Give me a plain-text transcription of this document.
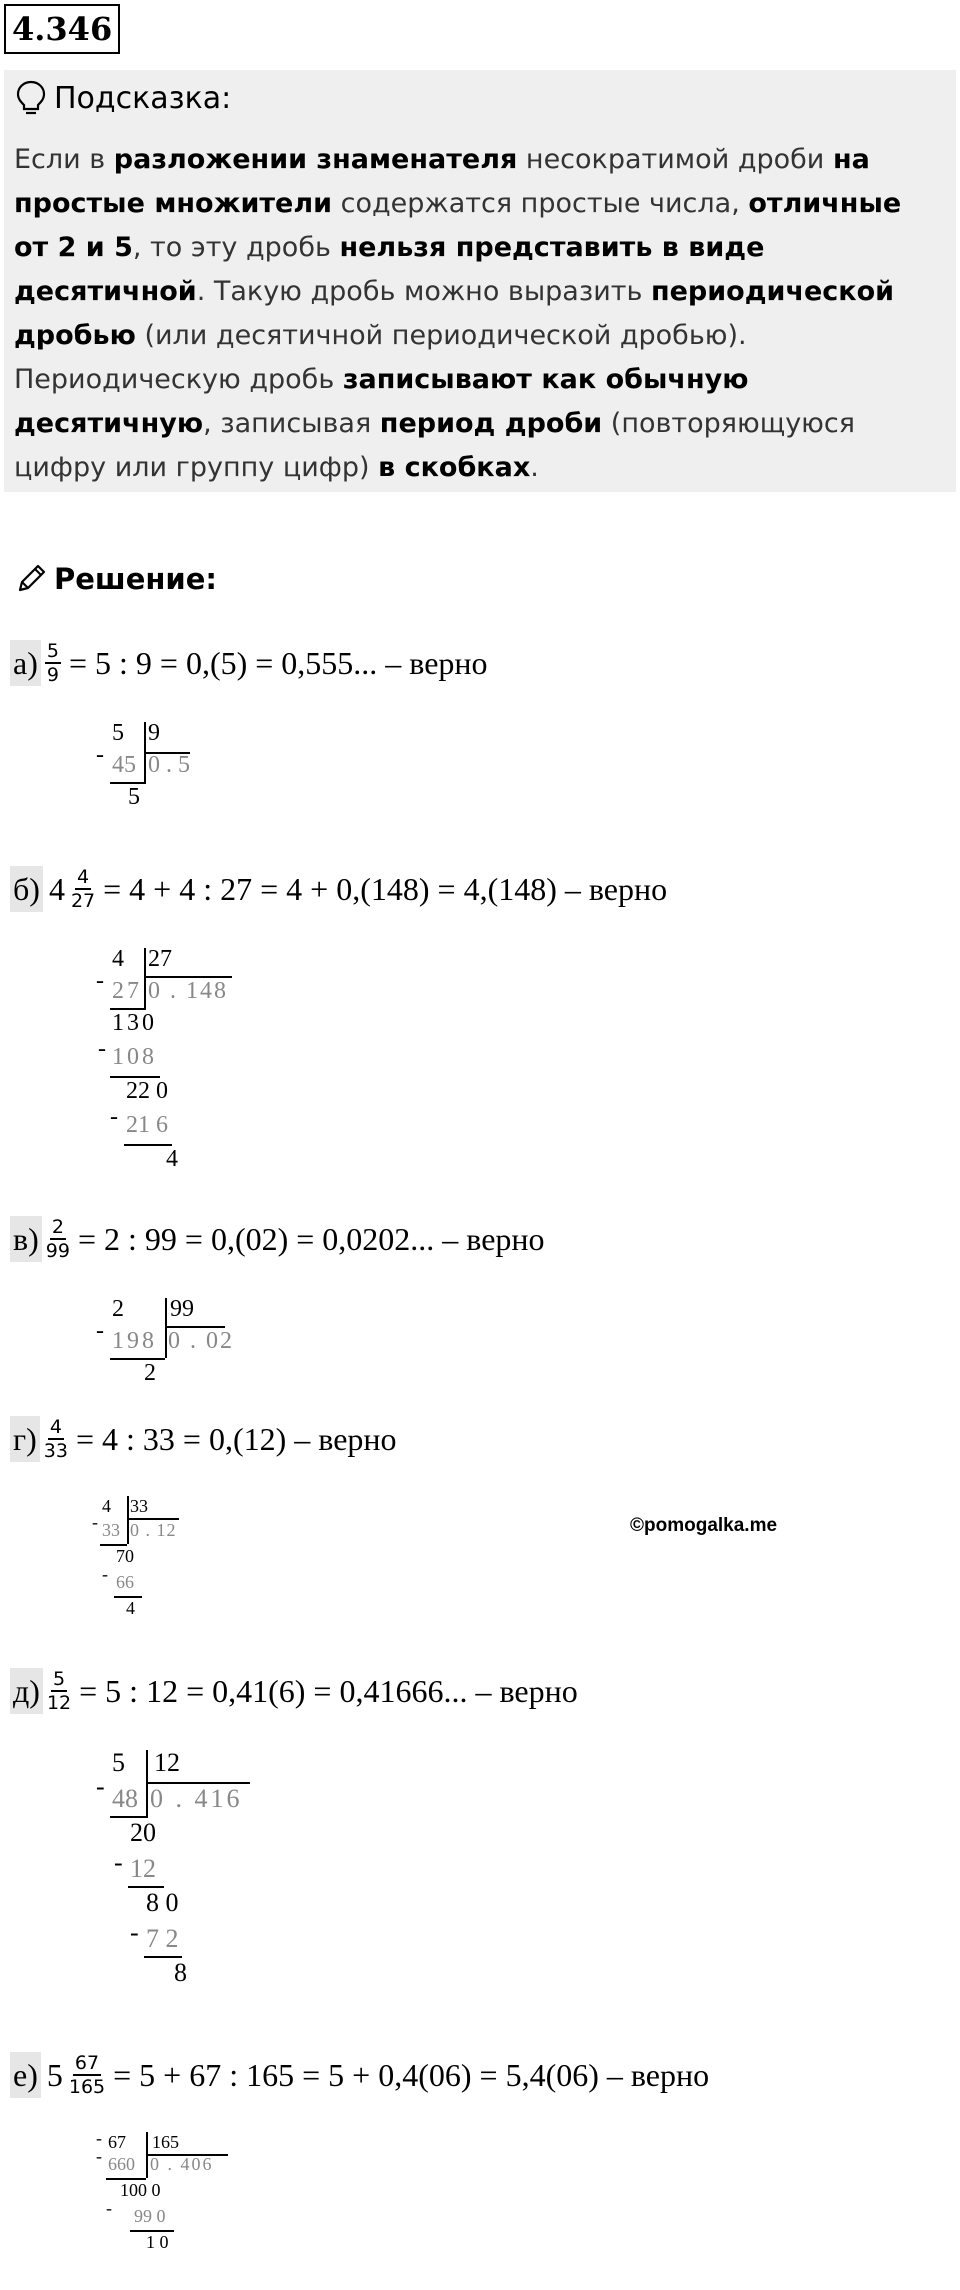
4.346
Подсказка:
Если в разложении знаменателя несократимой дроби на простые множители содержатся простые числа, отличные от 2 и 5, то эту дробь нельзя представить в виде десятичной. Такую дробь можно выразить периодической дробью (или десятичной периодической дробью). Периодическую дробь записывают как обычную десятичную, записывая период дроби (повторяющуюся цифру или группу цифр) в скобках.
Решение:
$а) \frac{5}{9} = 5$ : 9 = 0,(5) = 0,555... – верно
б) $4 \frac{4}{27} = 4 + 4$ : 27 = 4 + 0,(148) = 4,(148) – верно
$в) \frac{2}{99} = 2$ : 99 = 0,(02) = 0,0202... – верно
$г) \frac{4}{33} = 4$ : 33 = 0,(12) – верно
$д) \frac{5}{12} = 5$ : 12 = 0,41(6) = 0,41666... – верно
е) $5 \frac{67}{165} = 5 + 67$ : 165 = 5 + 0,4(06) = 5,4(06) – верно
5 9
- 45 0 . 5
5
4 27
- 27 0 . 148
130
- 108
22 0
- 21 6
4
2 99
- 198 0 . 02
2
4 33
- 33 0 . 12
70
- 66
4
5 12
- 48 0 . 416
20
- 12
8 0
- 7 2
8
67 165
-
- 660 0 . 406
100 0
- 99 0
1 0
©pomogalka.me
